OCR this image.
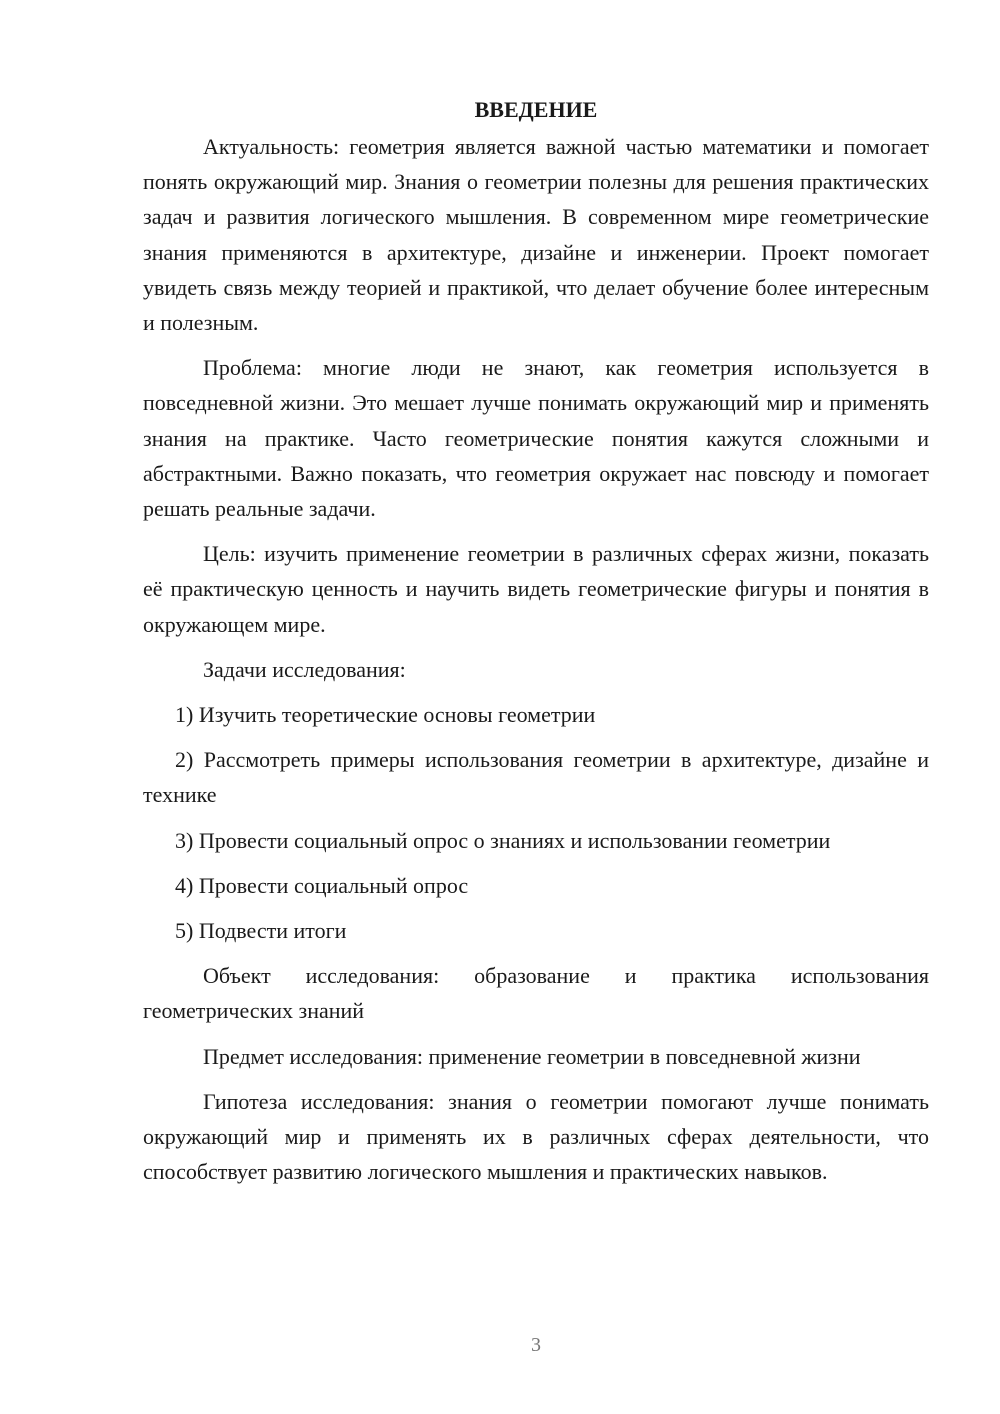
ВВЕДЕНИЕ

Актуальность: геометрия является важной частью математики и помогает понять окружающий мир. Знания о геометрии полезны для решения практических задач и развития логического мышления. В современном мире геометрические знания применяются в архитектуре, дизайне и инженерии. Проект помогает увидеть связь между теорией и практикой, что делает обучение более интересным и полезным.

Проблема: многие люди не знают, как геометрия используется в повседневной жизни. Это мешает лучше понимать окружающий мир и применять знания на практике. Часто геометрические понятия кажутся сложными и абстрактными. Важно показать, что геометрия окружает нас повсюду и помогает решать реальные задачи.

Цель: изучить применение геометрии в различных сферах жизни, показать её практическую ценность и научить видеть геометрические фигуры и понятия в окружающем мире.

Задачи исследования:

1) Изучить теоретические основы геометрии

2) Рассмотреть примеры использования геометрии в архитектуре, дизайне и технике

3) Провести социальный опрос о знаниях и использовании геометрии

4) Провести социальный опрос

5) Подвести итоги

Объект исследования: образование и практика использования геометрических знаний

Предмет исследования: применение геометрии в повседневной жизни

Гипотеза исследования: знания о геометрии помогают лучше понимать окружающий мир и применять их в различных сферах деятельности, что способствует развитию логического мышления и практических навыков.

3
